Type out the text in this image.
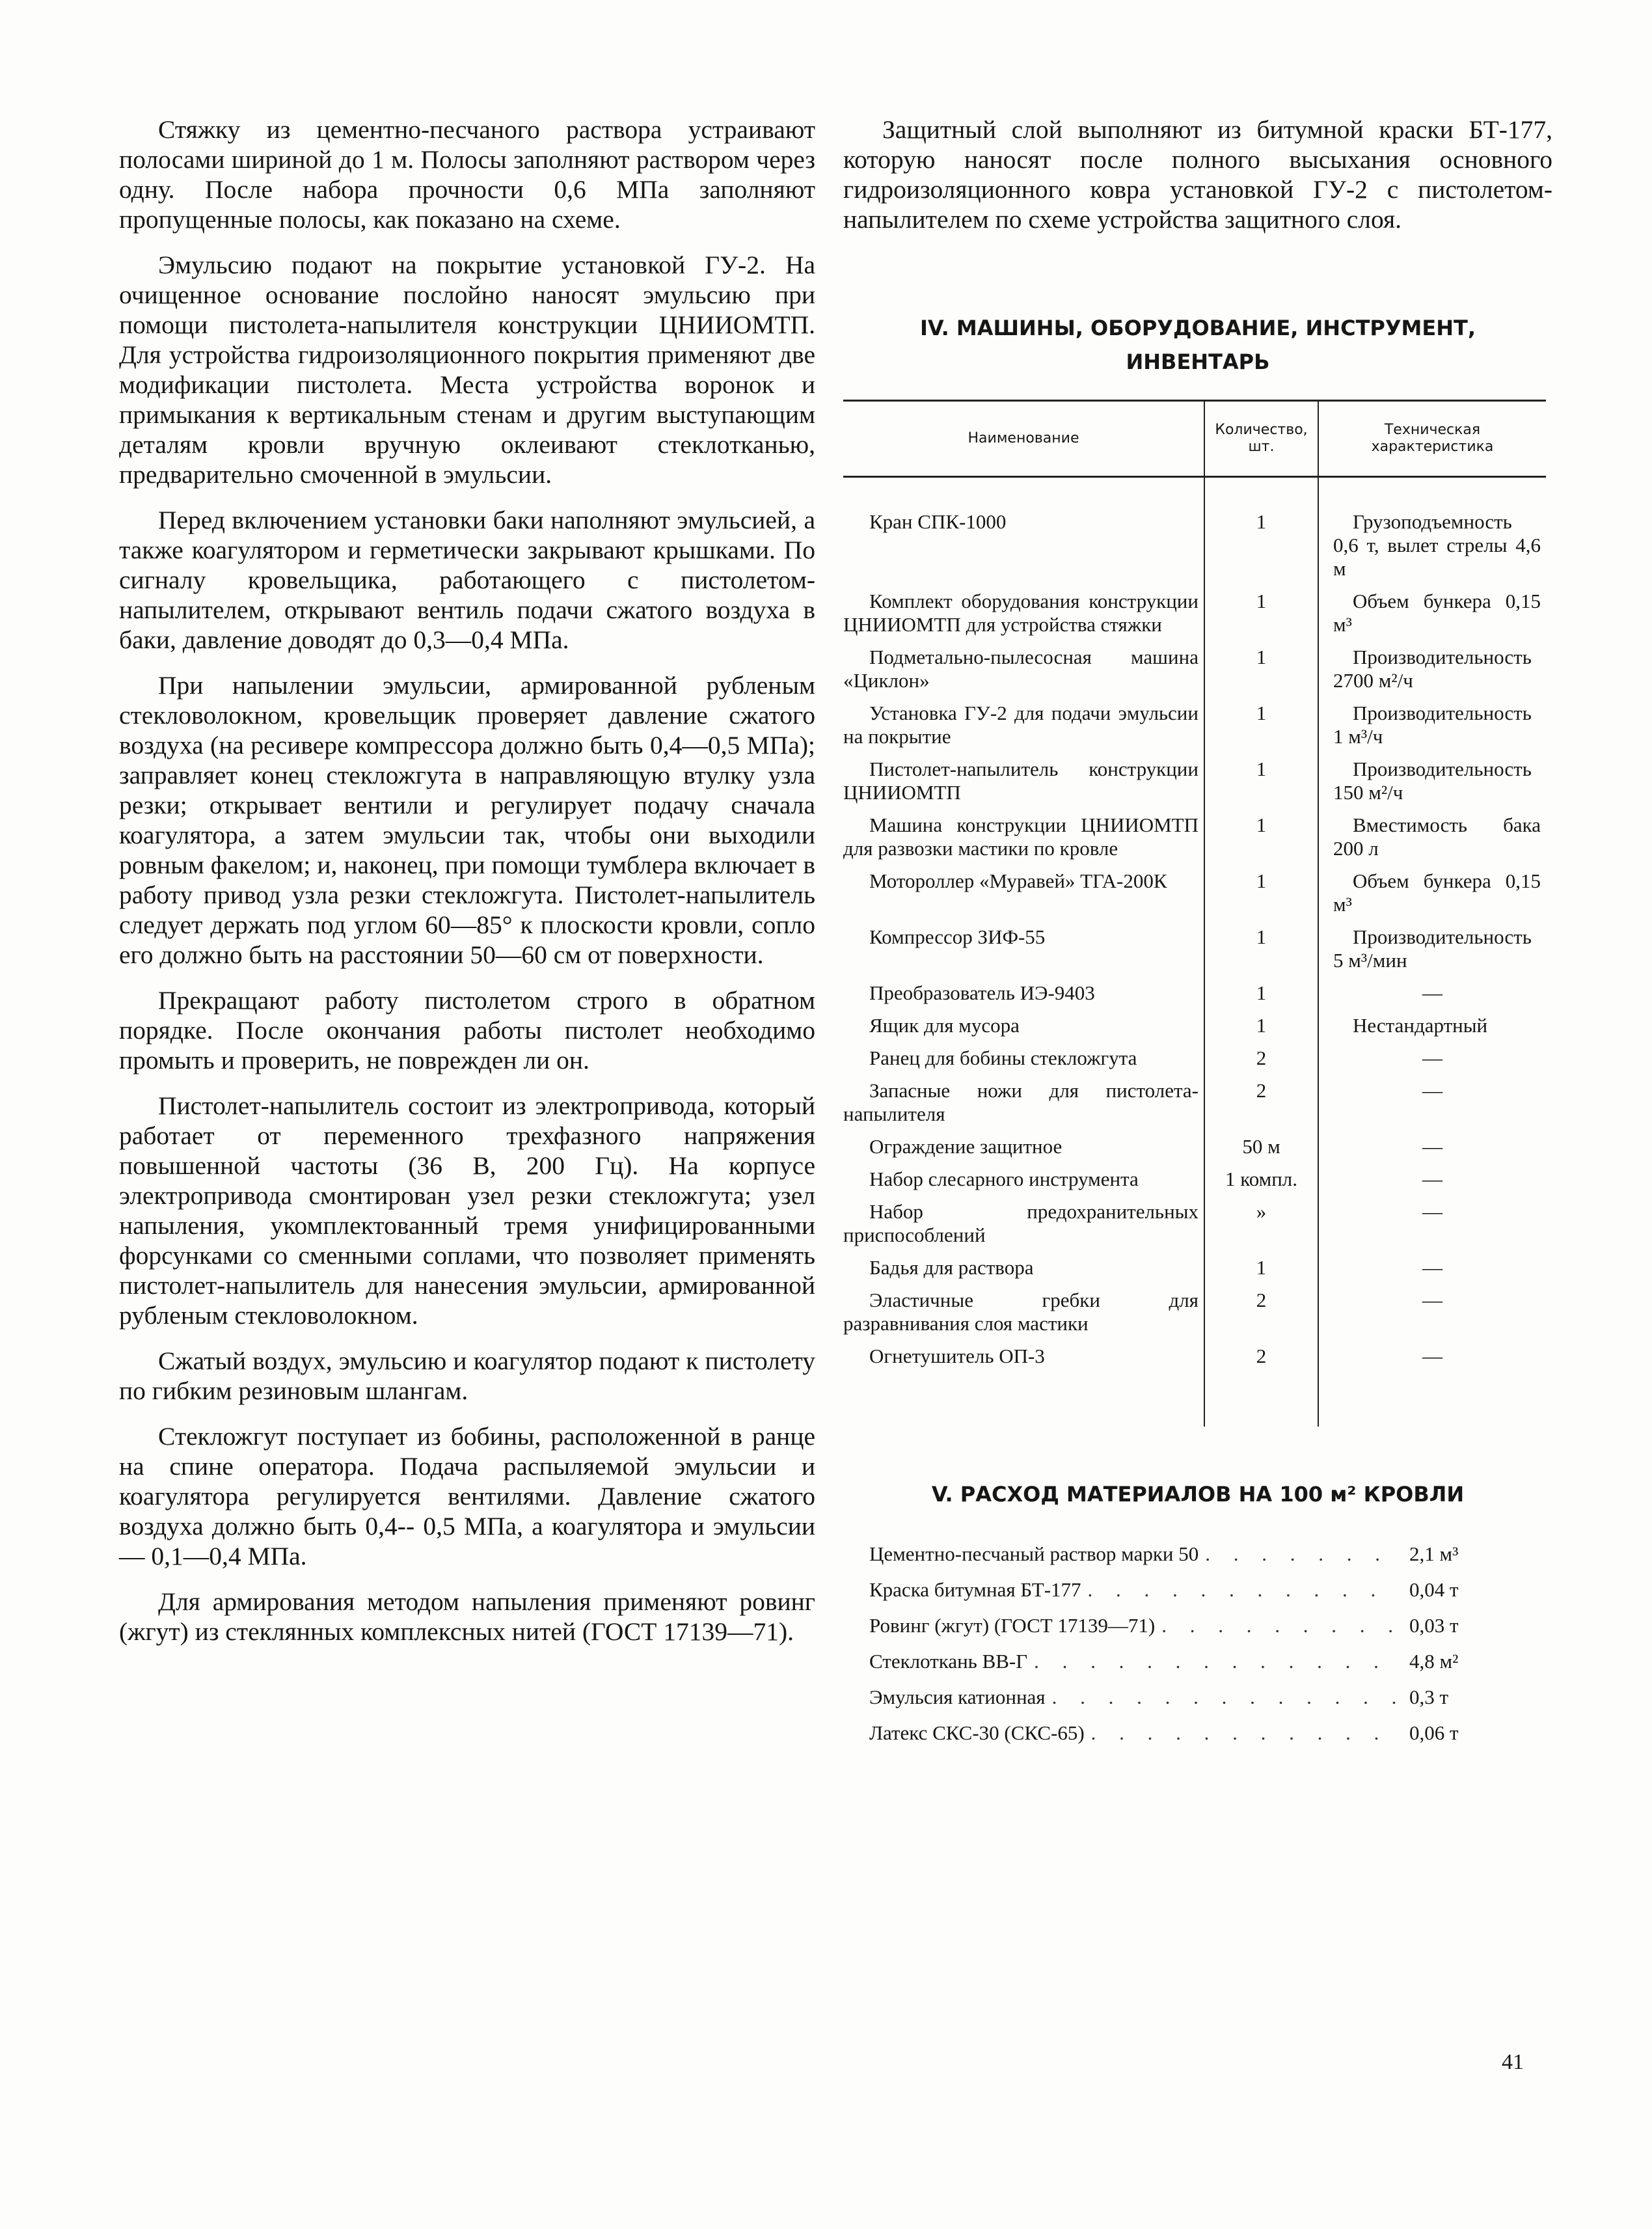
Стяжку из цементно-песчаного раствора устраивают полосами шириной до 1 м. Полосы заполняют раствором через одну. После набора прочности 0,6 МПа заполняют пропущенные полосы, как показано на схеме.

Эмульсию подают на покрытие установкой ГУ-2. На очищенное основание послойно наносят эмульсию при помощи пистолета-напылителя конструкции ЦНИИОМТП. Для устройства гидроизоляционного покрытия применяют две модификации пистолета. Места устройства воронок и примыкания к вертикальным стенам и другим выступающим деталям кровли вручную оклеивают стеклотканью, предварительно смоченной в эмульсии.

Перед включением установки баки наполняют эмульсией, а также коагулятором и герметически закрывают крышками. По сигналу кровельщика, работающего с пистолетом-напылителем, открывают вентиль подачи сжатого воздуха в баки, давление доводят до 0,3—0,4 МПа.

При напылении эмульсии, армированной рубленым стекловолокном, кровельщик проверяет давление сжатого воздуха (на ресивере компрессора должно быть 0,4—0,5 МПа); заправляет конец стекложгута в направляющую втулку узла резки; открывает вентили и регулирует подачу сначала коагулятора, а затем эмульсии так, чтобы они выходили ровным факелом; и, наконец, при помощи тумблера включает в работу привод узла резки стекложгута. Пистолет-напылитель следует держать под углом 60—85° к плоскости кровли, сопло его должно быть на расстоянии 50—60 см от поверхности.

Прекращают работу пистолетом строго в обратном порядке. После окончания работы пистолет необходимо промыть и проверить, не поврежден ли он.

Пистолет-напылитель состоит из электропривода, который работает от переменного трехфазного напряжения повышенной частоты (36 В, 200 Гц). На корпусе электропривода смонтирован узел резки стекложгута; узел напыления, укомплектованный тремя унифицированными форсунками со сменными соплами, что позволяет применять пистолет-напылитель для нанесения эмульсии, армированной рубленым стекловолокном.

Сжатый воздух, эмульсию и коагулятор подают к пистолету по гибким резиновым шлангам.

Стекложгут поступает из бобины, расположенной в ранце на спине оператора. Подача распыляемой эмульсии и коагулятора регулируется вентилями. Давление сжатого воздуха должно быть 0,4-- 0,5 МПа, а коагулятора и эмульсии — 0,1—0,4 МПа.

Для армирования методом напыления применяют ровинг (жгут) из стеклянных комплексных нитей (ГОСТ 17139—71).

Защитный слой выполняют из битумной краски БТ-177, которую наносят после полного высыхания основного гидроизоляционного ковра установкой ГУ-2 с пистолетом-напылителем по схеме устройства защитного слоя.

IV. МАШИНЫ, ОБОРУДОВАНИЕ, ИНСТРУМЕНТ,
ИНВЕНТАРЬ
Наименование	Количество, шт.	Техническая характеристика

Кран СПК-1000	1	Грузоподъемность 0,6 т, вылет стрелы 4,6 м

Комплект оборудования конструкции ЦНИИОМТП для устройства стяжки	1	Объем бункера 0,15 м³

Подметально-пылесосная машина «Циклон»	1	Производительность 2700 м²/ч

Установка ГУ-2 для подачи эмульсии на покрытие	1	Производительность 1 м³/ч

Пистолет-напылитель конструкции ЦНИИОМТП	1	Производительность 150 м²/ч

Машина конструкции ЦНИИОМТП для развозки мастики по кровле	1	Вместимость бака 200 л

Мотороллер «Муравей» ТГА-200К	1	Объем бункера 0,15 м³

Компрессор ЗИФ-55	1	Производительность 5 м³/мин

Преобразователь ИЭ-9403	1	—

Ящик для мусора	1	Нестандартный

Ранец для бобины стекложгута	2	—

Запасные ножи для пистолета-напылителя	2	—

Ограждение защитное	50 м	—

Набор слесарного инструмента	1 компл.	—

Набор предохранительных приспособлений	»	—

Бадья для раствора	1	—

Эластичные гребки для разравнивания слоя мастики	2	—

Огнетушитель ОП-3	2	—
V. РАСХОД МАТЕРИАЛОВ НА 100 м² КРОВЛИ
Цементно-песчаный раствор марки 50 . . .	2,1 м³
Краска битумная БТ-177 . . .	0,04 т
Ровинг (жгут) (ГОСТ 17139—71) . . .	0,03 т
Стеклоткань ВВ-Г . . .	4,8 м²
Эмульсия катионная . . .	0,3 т
Латекс СКС-30 (СКС-65) . . .	0,06 т
41
